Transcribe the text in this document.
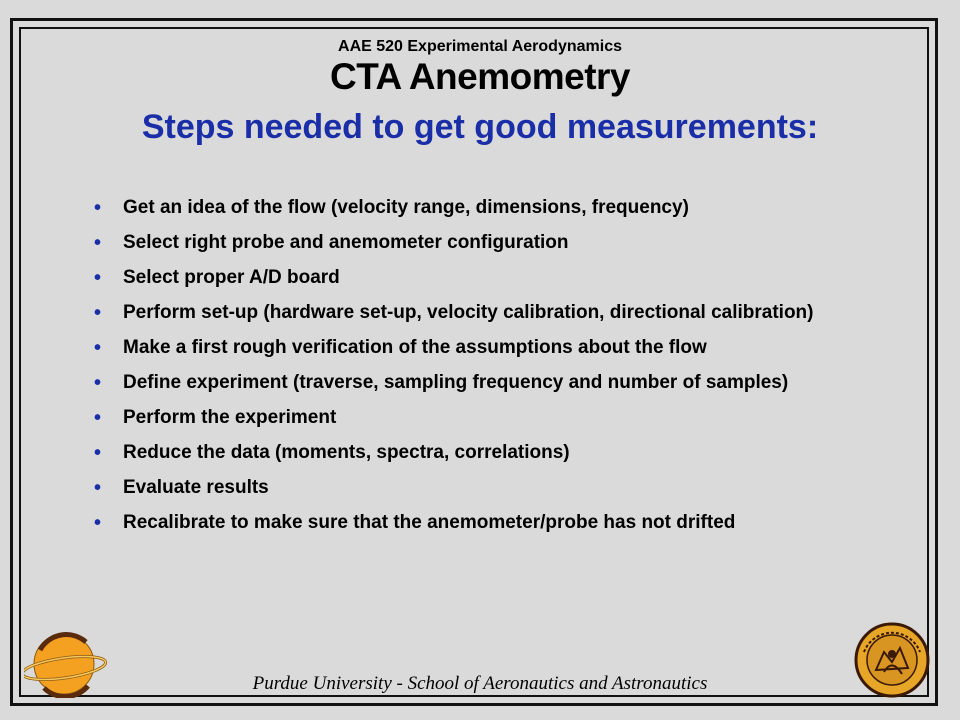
AAE 520 Experimental Aerodynamics
CTA Anemometry
Steps needed to get good measurements:
• Get an idea of the flow (velocity range, dimensions, frequency)
• Select right probe and anemometer configuration
• Select proper A/D board
• Perform set-up (hardware set-up, velocity calibration, directional calibration)
• Make a first rough verification of the assumptions about the flow
• Define experiment (traverse, sampling frequency and number of samples)
• Perform the experiment
• Reduce the data (moments, spectra, correlations)
• Evaluate results
• Recalibrate to make sure that the anemometer/probe has not drifted
Purdue University - School of Aeronautics and Astronautics
